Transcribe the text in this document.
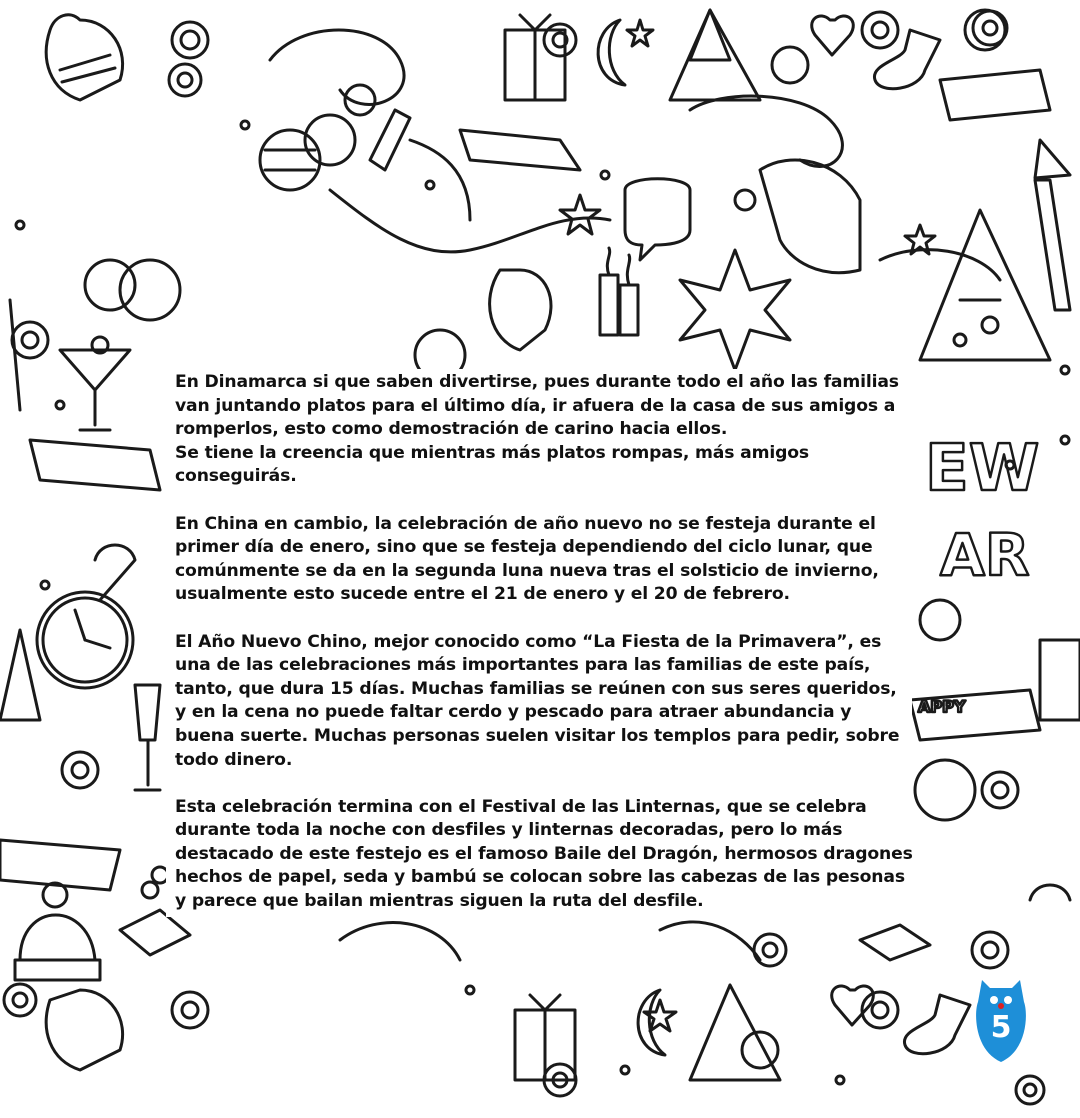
EW
AR
APPY

En Dinamarca si que saben divertirse, pues durante todo el año las familias van juntando platos para el último día, ir afuera de la casa de sus amigos a romperlos, esto como demostración de carino hacia ellos.

Se tiene la creencia que mientras más platos rompas, más amigos conseguirás.

En China en cambio, la celebración de año nuevo no se festeja durante el primer día de enero, sino que se festeja dependiendo del ciclo lunar, que comúnmente se da en la segunda luna nueva tras el solsticio de invierno, usualmente esto sucede entre el 21 de enero y el 20 de febrero.

El Año Nuevo Chino, mejor conocido como “La Fiesta de la Primavera”, es una de las celebraciones más importantes para las familias de este país, tanto, que dura 15 días. Muchas familias se reúnen con sus seres queridos, y en la cena no puede faltar cerdo y pescado para atraer abundancia y buena suerte. Muchas personas suelen visitar los templos para pedir, sobre todo dinero.

Esta celebración termina con el Festival de las Linternas, que se celebra durante toda la noche con desfiles y linternas decoradas, pero lo más destacado de este festejo es el famoso Baile del Dragón, hermosos dragones hechos de papel, seda y bambú se colocan sobre las cabezas de las pesonas y parece que bailan mientras siguen la ruta del desfile.

5
